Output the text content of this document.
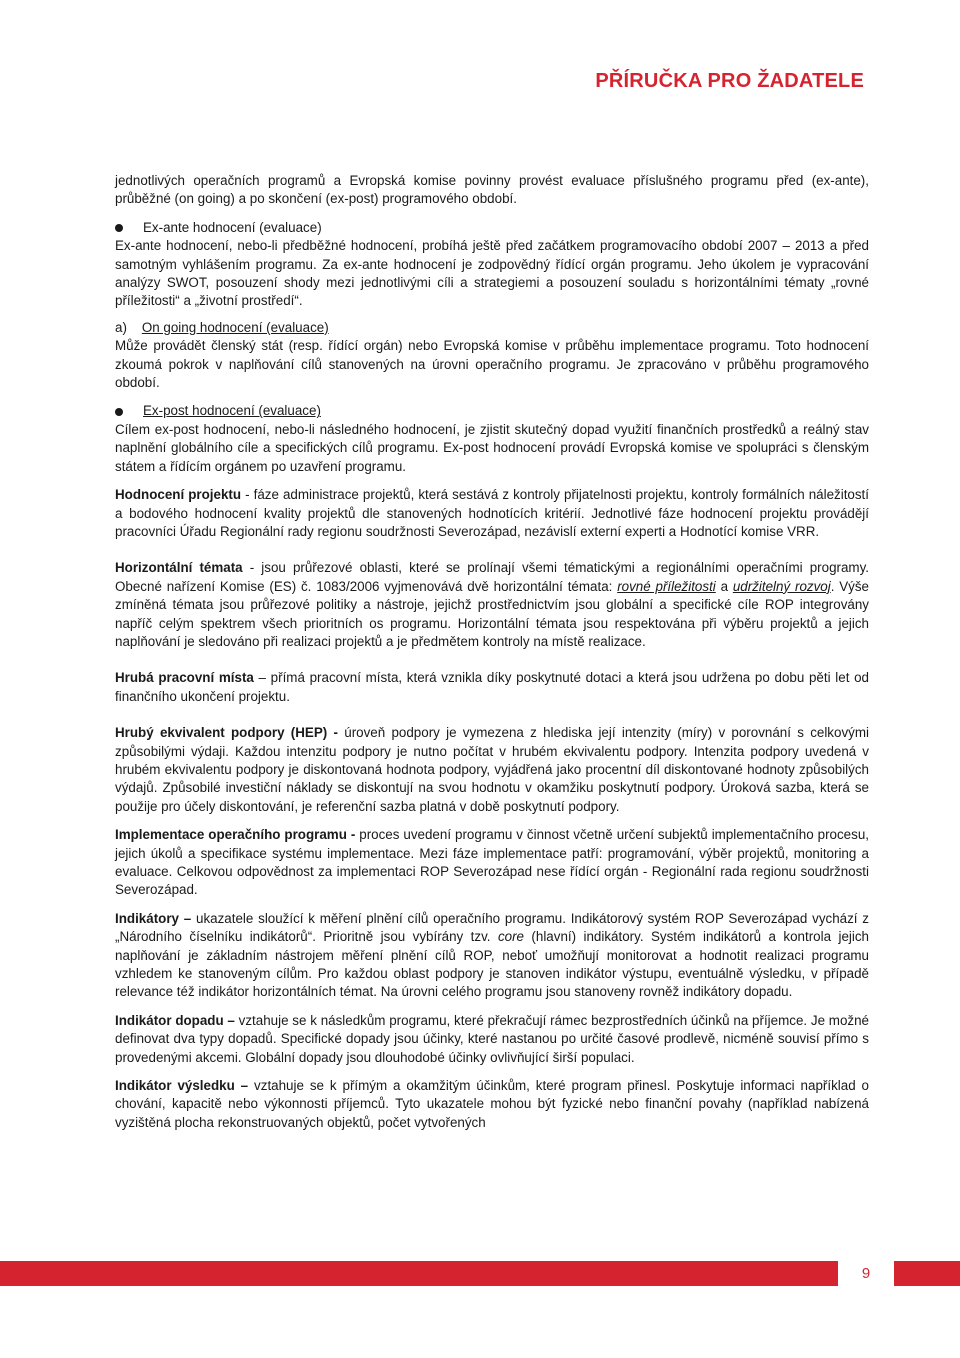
PŘÍRUČKA PRO ŽADATELE

jednotlivých operačních programů a Evropská komise povinny provést evaluace příslušného programu před (ex-ante), průběžné (on going) a po skončení (ex-post) programového období.

Ex-ante hodnocení (evaluace)

Ex-ante hodnocení, nebo-li předběžné hodnocení, probíhá ještě před začátkem programovacího období 2007 – 2013 a před samotným vyhlášením programu. Za ex-ante hodnocení je zodpovědný řídící orgán programu. Jeho úkolem je vypracování analýzy SWOT, posouzení shody mezi jednotlivými cíli a strategiemi a posouzení souladu s horizontálními tématy „rovné příležitosti“ a „životní prostředí“.

a) On going hodnocení (evaluace)

Může provádět členský stát (resp. řídící orgán) nebo Evropská komise v průběhu implementace programu. Toto hodnocení zkoumá pokrok v naplňování cílů stanovených na úrovni operačního programu. Je zpracováno v průběhu programového období.

Ex-post hodnocení (evaluace)

Cílem ex-post hodnocení, nebo-li následného hodnocení, je zjistit skutečný dopad využití finančních prostředků a reálný stav naplnění globálního cíle a specifických cílů programu. Ex-post hodnocení provádí Evropská komise ve spolupráci s členským státem a řídícím orgánem po uzavření programu.

Hodnocení projektu - fáze administrace projektů, která sestává z kontroly přijatelnosti projektu, kontroly formálních náležitostí a bodového hodnocení kvality projektů dle stanovených hodnotících kritérií. Jednotlivé fáze hodnocení projektu provádějí pracovníci Úřadu Regionální rady regionu soudržnosti Severozápad, nezávislí externí experti a Hodnotící komise VRR.

Horizontální témata - jsou průřezové oblasti, které se prolínají všemi tématickými a regionálními operačními programy. Obecné nařízení Komise (ES) č. 1083/2006 vyjmenovává dvě horizontální témata: rovné příležitosti a udržitelný rozvoj. Výše zmíněná témata jsou průřezové politiky a nástroje, jejichž prostřednictvím jsou globální a specifické cíle ROP integrovány napříč celým spektrem všech prioritních os programu. Horizontální témata jsou respektována při výběru projektů a jejich naplňování je sledováno při realizaci projektů a je předmětem kontroly na místě realizace.

Hrubá pracovní místa – přímá pracovní místa, která vznikla díky poskytnuté dotaci a která jsou udržena po dobu pěti let od finančního ukončení projektu.

Hrubý ekvivalent podpory (HEP) - úroveň podpory je vymezena z hlediska její intenzity (míry) v porovnání s celkovými způsobilými výdaji. Každou intenzitu podpory je nutno počítat v hrubém ekvivalentu podpory. Intenzita podpory uvedená v hrubém ekvivalentu podpory je diskontovaná hodnota podpory, vyjádřená jako procentní díl diskontované hodnoty způsobilých výdajů. Způsobilé investiční náklady se diskontují na svou hodnotu v okamžiku poskytnutí podpory. Úroková sazba, která se použije pro účely diskontování, je referenční sazba platná v době poskytnutí podpory.

Implementace operačního programu - proces uvedení programu v činnost včetně určení subjektů implementačního procesu, jejich úkolů a specifikace systému implementace. Mezi fáze implementace patří: programování, výběr projektů, monitoring a evaluace. Celkovou odpovědnost za implementaci ROP Severozápad nese řídící orgán - Regionální rada regionu soudržnosti Severozápad.

Indikátory – ukazatele sloužící k měření plnění cílů operačního programu. Indikátorový systém ROP Severozápad vychází z „Národního číselníku indikátorů“. Prioritně jsou vybírány tzv. core (hlavní) indikátory. Systém indikátorů a kontrola jejich naplňování je základním nástrojem měření plnění cílů ROP, neboť umožňují monitorovat a hodnotit realizaci programu vzhledem ke stanoveným cílům. Pro každou oblast podpory je stanoven indikátor výstupu, eventuálně výsledku, v případě relevance též indikátor horizontálních témat. Na úrovni celého programu jsou stanoveny rovněž indikátory dopadu.

Indikátor dopadu – vztahuje se k následkům programu, které překračují rámec bezprostředních účinků na příjemce. Je možné definovat dva typy dopadů. Specifické dopady jsou účinky, které nastanou po určité časové prodlevě, nicméně souvisí přímo s provedenými akcemi. Globální dopady jsou dlouhodobé účinky ovlivňující širší populaci.

Indikátor výsledku – vztahuje se k přímým a okamžitým účinkům, které program přinesl. Poskytuje informaci například o chování, kapacitě nebo výkonnosti příjemců. Tyto ukazatele mohou být fyzické nebo finanční povahy (například nabízená vyzištěná plocha rekonstruovaných objektů, počet vytvořených

9
